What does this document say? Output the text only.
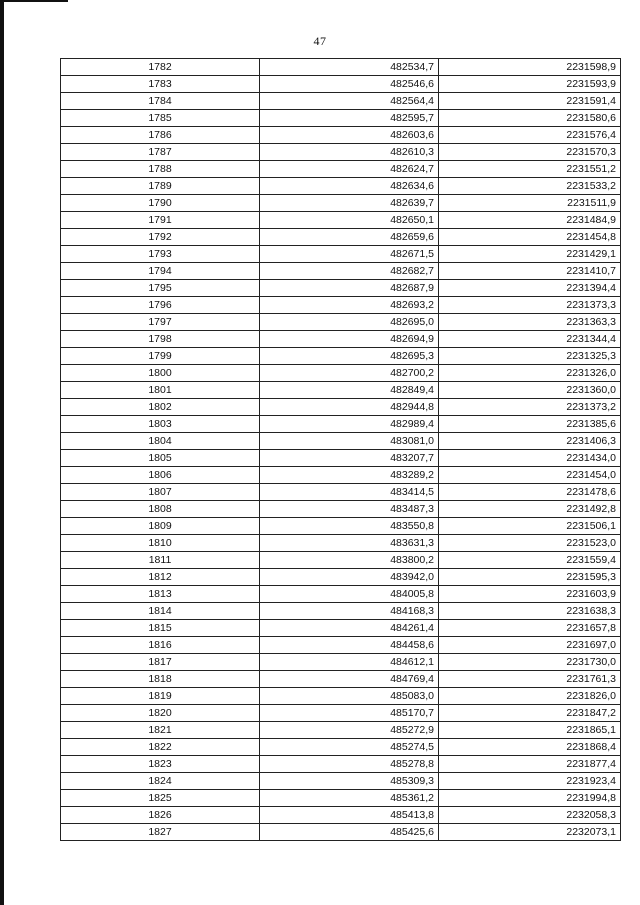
47
1782	482534,7	2231598,9
1783	482546,6	2231593,9
1784	482564,4	2231591,4
1785	482595,7	2231580,6
1786	482603,6	2231576,4
1787	482610,3	2231570,3
1788	482624,7	2231551,2
1789	482634,6	2231533,2
1790	482639,7	2231511,9
1791	482650,1	2231484,9
1792	482659,6	2231454,8
1793	482671,5	2231429,1
1794	482682,7	2231410,7
1795	482687,9	2231394,4
1796	482693,2	2231373,3
1797	482695,0	2231363,3
1798	482694,9	2231344,4
1799	482695,3	2231325,3
1800	482700,2	2231326,0
1801	482849,4	2231360,0
1802	482944,8	2231373,2
1803	482989,4	2231385,6
1804	483081,0	2231406,3
1805	483207,7	2231434,0
1806	483289,2	2231454,0
1807	483414,5	2231478,6
1808	483487,3	2231492,8
1809	483550,8	2231506,1
1810	483631,3	2231523,0
1811	483800,2	2231559,4
1812	483942,0	2231595,3
1813	484005,8	2231603,9
1814	484168,3	2231638,3
1815	484261,4	2231657,8
1816	484458,6	2231697,0
1817	484612,1	2231730,0
1818	484769,4	2231761,3
1819	485083,0	2231826,0
1820	485170,7	2231847,2
1821	485272,9	2231865,1
1822	485274,5	2231868,4
1823	485278,8	2231877,4
1824	485309,3	2231923,4
1825	485361,2	2231994,8
1826	485413,8	2232058,3
1827	485425,6	2232073,1
